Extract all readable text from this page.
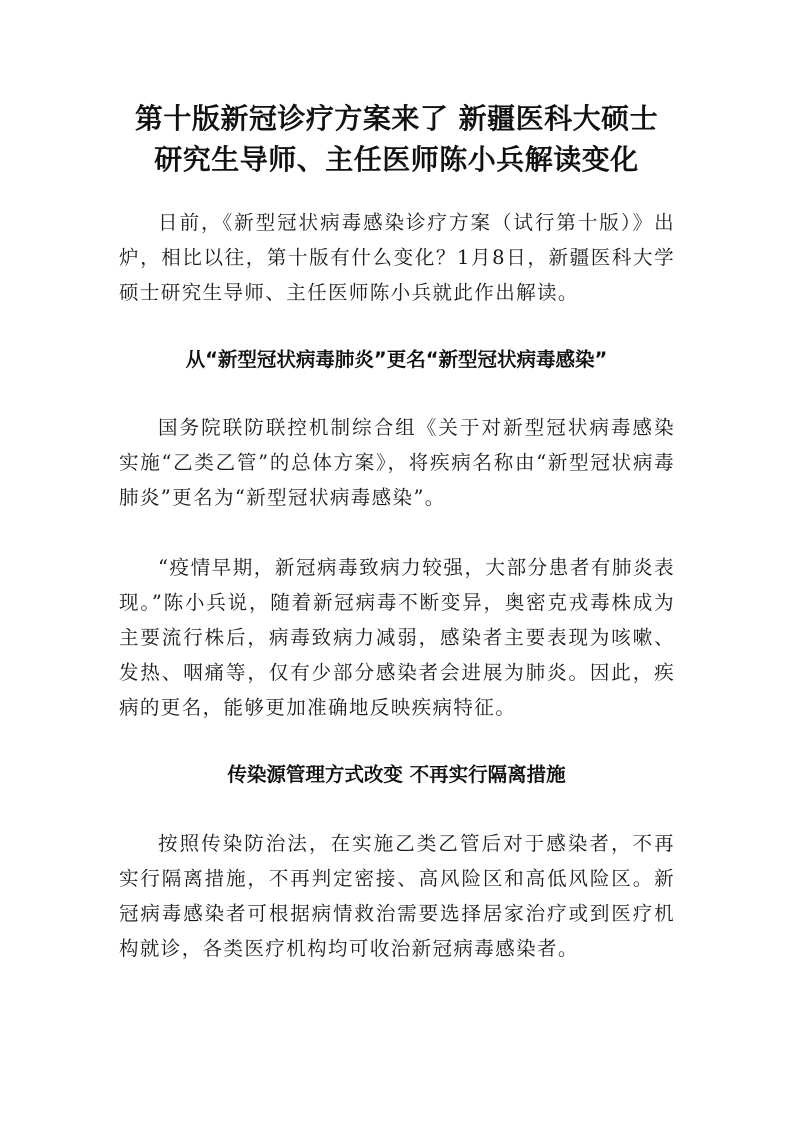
第十版新冠诊疗方案来了 新疆医科大硕士
研究生导师、主任医师陈小兵解读变化

日前，《新型冠状病毒感染诊疗方案（试行第十版）》出炉，相比以往，第十版有什么变化？1月8日，新疆医科大学硕士研究生导师、主任医师陈小兵就此作出解读。

从“新型冠状病毒肺炎”更名“新型冠状病毒感染”

国务院联防联控机制综合组《关于对新型冠状病毒感染实施“乙类乙管”的总体方案》，将疾病名称由“新型冠状病毒肺炎”更名为“新型冠状病毒感染”。

“疫情早期，新冠病毒致病力较强，大部分患者有肺炎表现。”陈小兵说，随着新冠病毒不断变异，奥密克戎毒株成为主要流行株后，病毒致病力减弱，感染者主要表现为咳嗽、发热、咽痛等，仅有少部分感染者会进展为肺炎。因此，疾病的更名，能够更加准确地反映疾病特征。

传染源管理方式改变 不再实行隔离措施

按照传染防治法，在实施乙类乙管后对于感染者，不再实行隔离措施，不再判定密接、高风险区和高低风险区。新冠病毒感染者可根据病情救治需要选择居家治疗或到医疗机构就诊，各类医疗机构均可收治新冠病毒感染者。
